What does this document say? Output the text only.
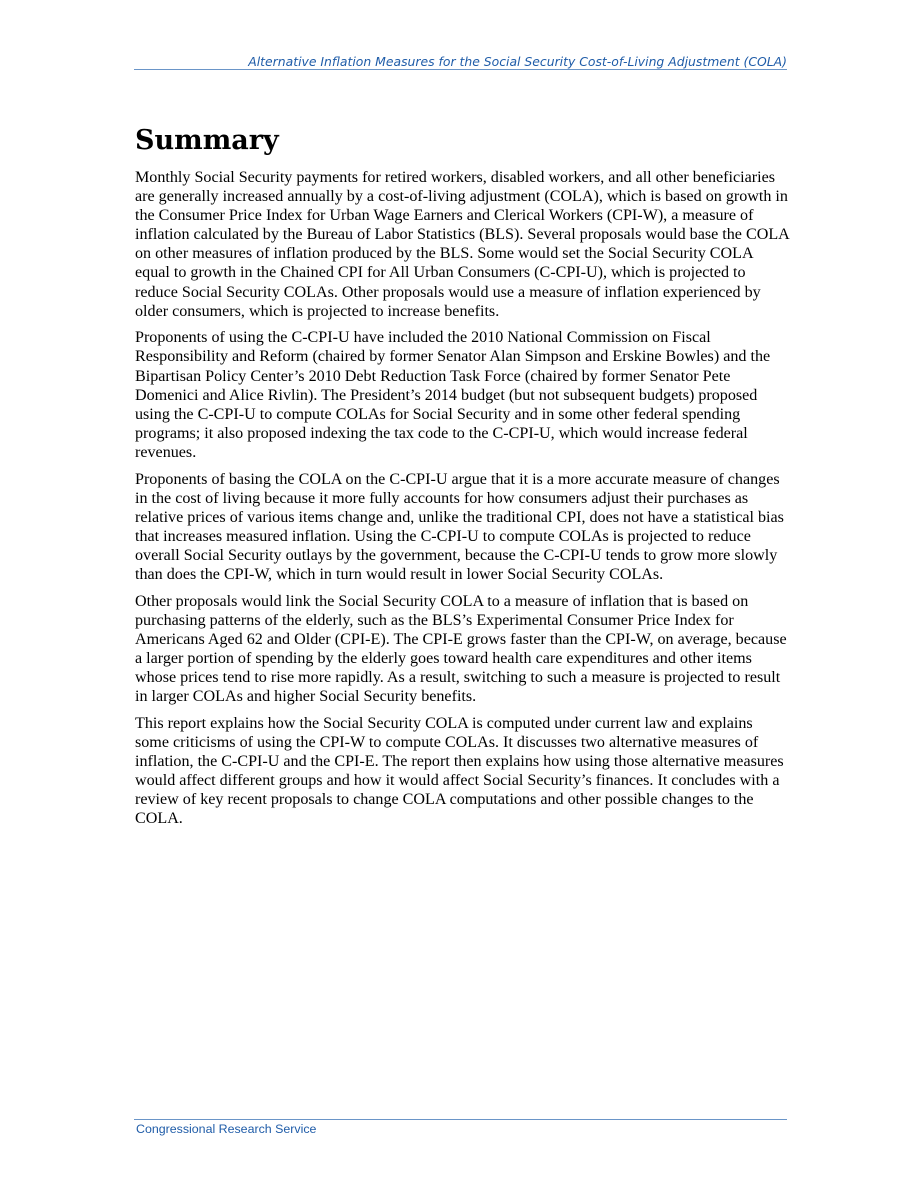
Alternative Inflation Measures for the Social Security Cost-of-Living Adjustment (COLA)
Summary

Monthly Social Security payments for retired workers, disabled workers, and all other beneficiaries are generally increased annually by a cost-of-living adjustment (COLA), which is based on growth in the Consumer Price Index for Urban Wage Earners and Clerical Workers (CPI-W), a measure of inflation calculated by the Bureau of Labor Statistics (BLS). Several proposals would base the COLA on other measures of inflation produced by the BLS. Some would set the Social Security COLA equal to growth in the Chained CPI for All Urban Consumers (C-CPI-U), which is projected to reduce Social Security COLAs. Other proposals would use a measure of inflation experienced by older consumers, which is projected to increase benefits.

Proponents of using the C-CPI-U have included the 2010 National Commission on Fiscal Responsibility and Reform (chaired by former Senator Alan Simpson and Erskine Bowles) and the Bipartisan Policy Center’s 2010 Debt Reduction Task Force (chaired by former Senator Pete Domenici and Alice Rivlin). The President’s 2014 budget (but not subsequent budgets) proposed using the C-CPI-U to compute COLAs for Social Security and in some other federal spending programs; it also proposed indexing the tax code to the C-CPI-U, which would increase federal revenues.

Proponents of basing the COLA on the C-CPI-U argue that it is a more accurate measure of changes in the cost of living because it more fully accounts for how consumers adjust their purchases as relative prices of various items change and, unlike the traditional CPI, does not have a statistical bias that increases measured inflation. Using the C-CPI-U to compute COLAs is projected to reduce overall Social Security outlays by the government, because the C-CPI-U tends to grow more slowly than does the CPI-W, which in turn would result in lower Social Security COLAs.

Other proposals would link the Social Security COLA to a measure of inflation that is based on purchasing patterns of the elderly, such as the BLS’s Experimental Consumer Price Index for Americans Aged 62 and Older (CPI-E). The CPI-E grows faster than the CPI-W, on average, because a larger portion of spending by the elderly goes toward health care expenditures and other items whose prices tend to rise more rapidly. As a result, switching to such a measure is projected to result in larger COLAs and higher Social Security benefits.

This report explains how the Social Security COLA is computed under current law and explains some criticisms of using the CPI-W to compute COLAs. It discusses two alternative measures of inflation, the C-CPI-U and the CPI-E. The report then explains how using those alternative measures would affect different groups and how it would affect Social Security’s finances. It concludes with a review of key recent proposals to change COLA computations and other possible changes to the COLA.

Congressional Research Service
